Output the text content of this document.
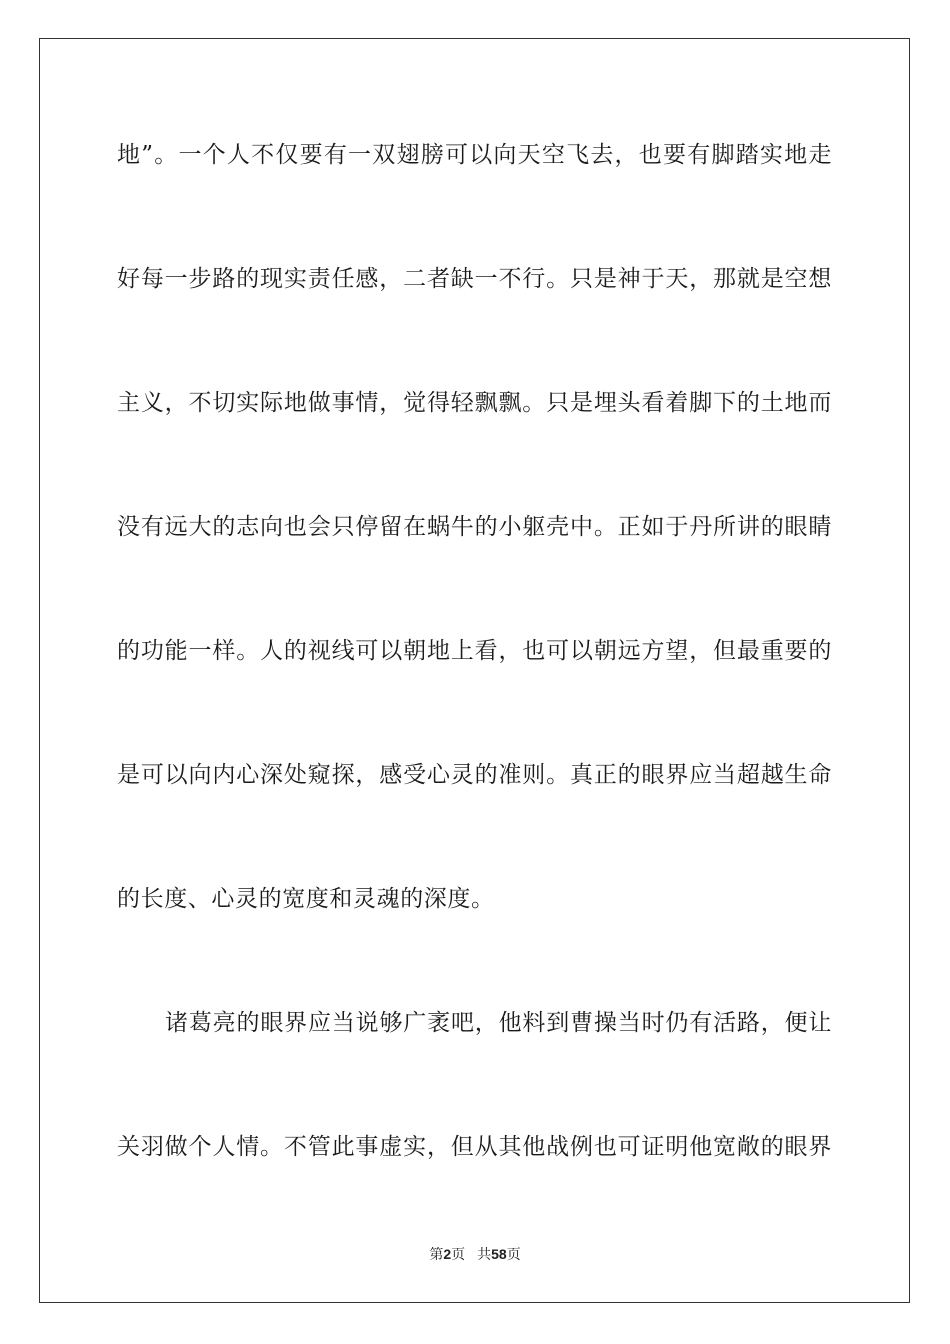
地”。一个人不仅要有一双翅膀可以向天空飞去，也要有脚踏实地走
好每一步路的现实责任感，二者缺一不行。只是神于天，那就是空想
主义，不切实际地做事情，觉得轻飘飘。只是埋头看着脚下的土地而
没有远大的志向也会只停留在蜗牛的小躯壳中。正如于丹所讲的眼睛
的功能一样。人的视线可以朝地上看，也可以朝远方望，但最重要的
是可以向内心深处窥探，感受心灵的准则。真正的眼界应当超越生命
的长度、心灵的宽度和灵魂的深度。
诸葛亮的眼界应当说够广袤吧，他料到曹操当时仍有活路，便让
关羽做个人情。不管此事虚实，但从其他战例也可证明他宽敞的眼界
第2页 共58页
